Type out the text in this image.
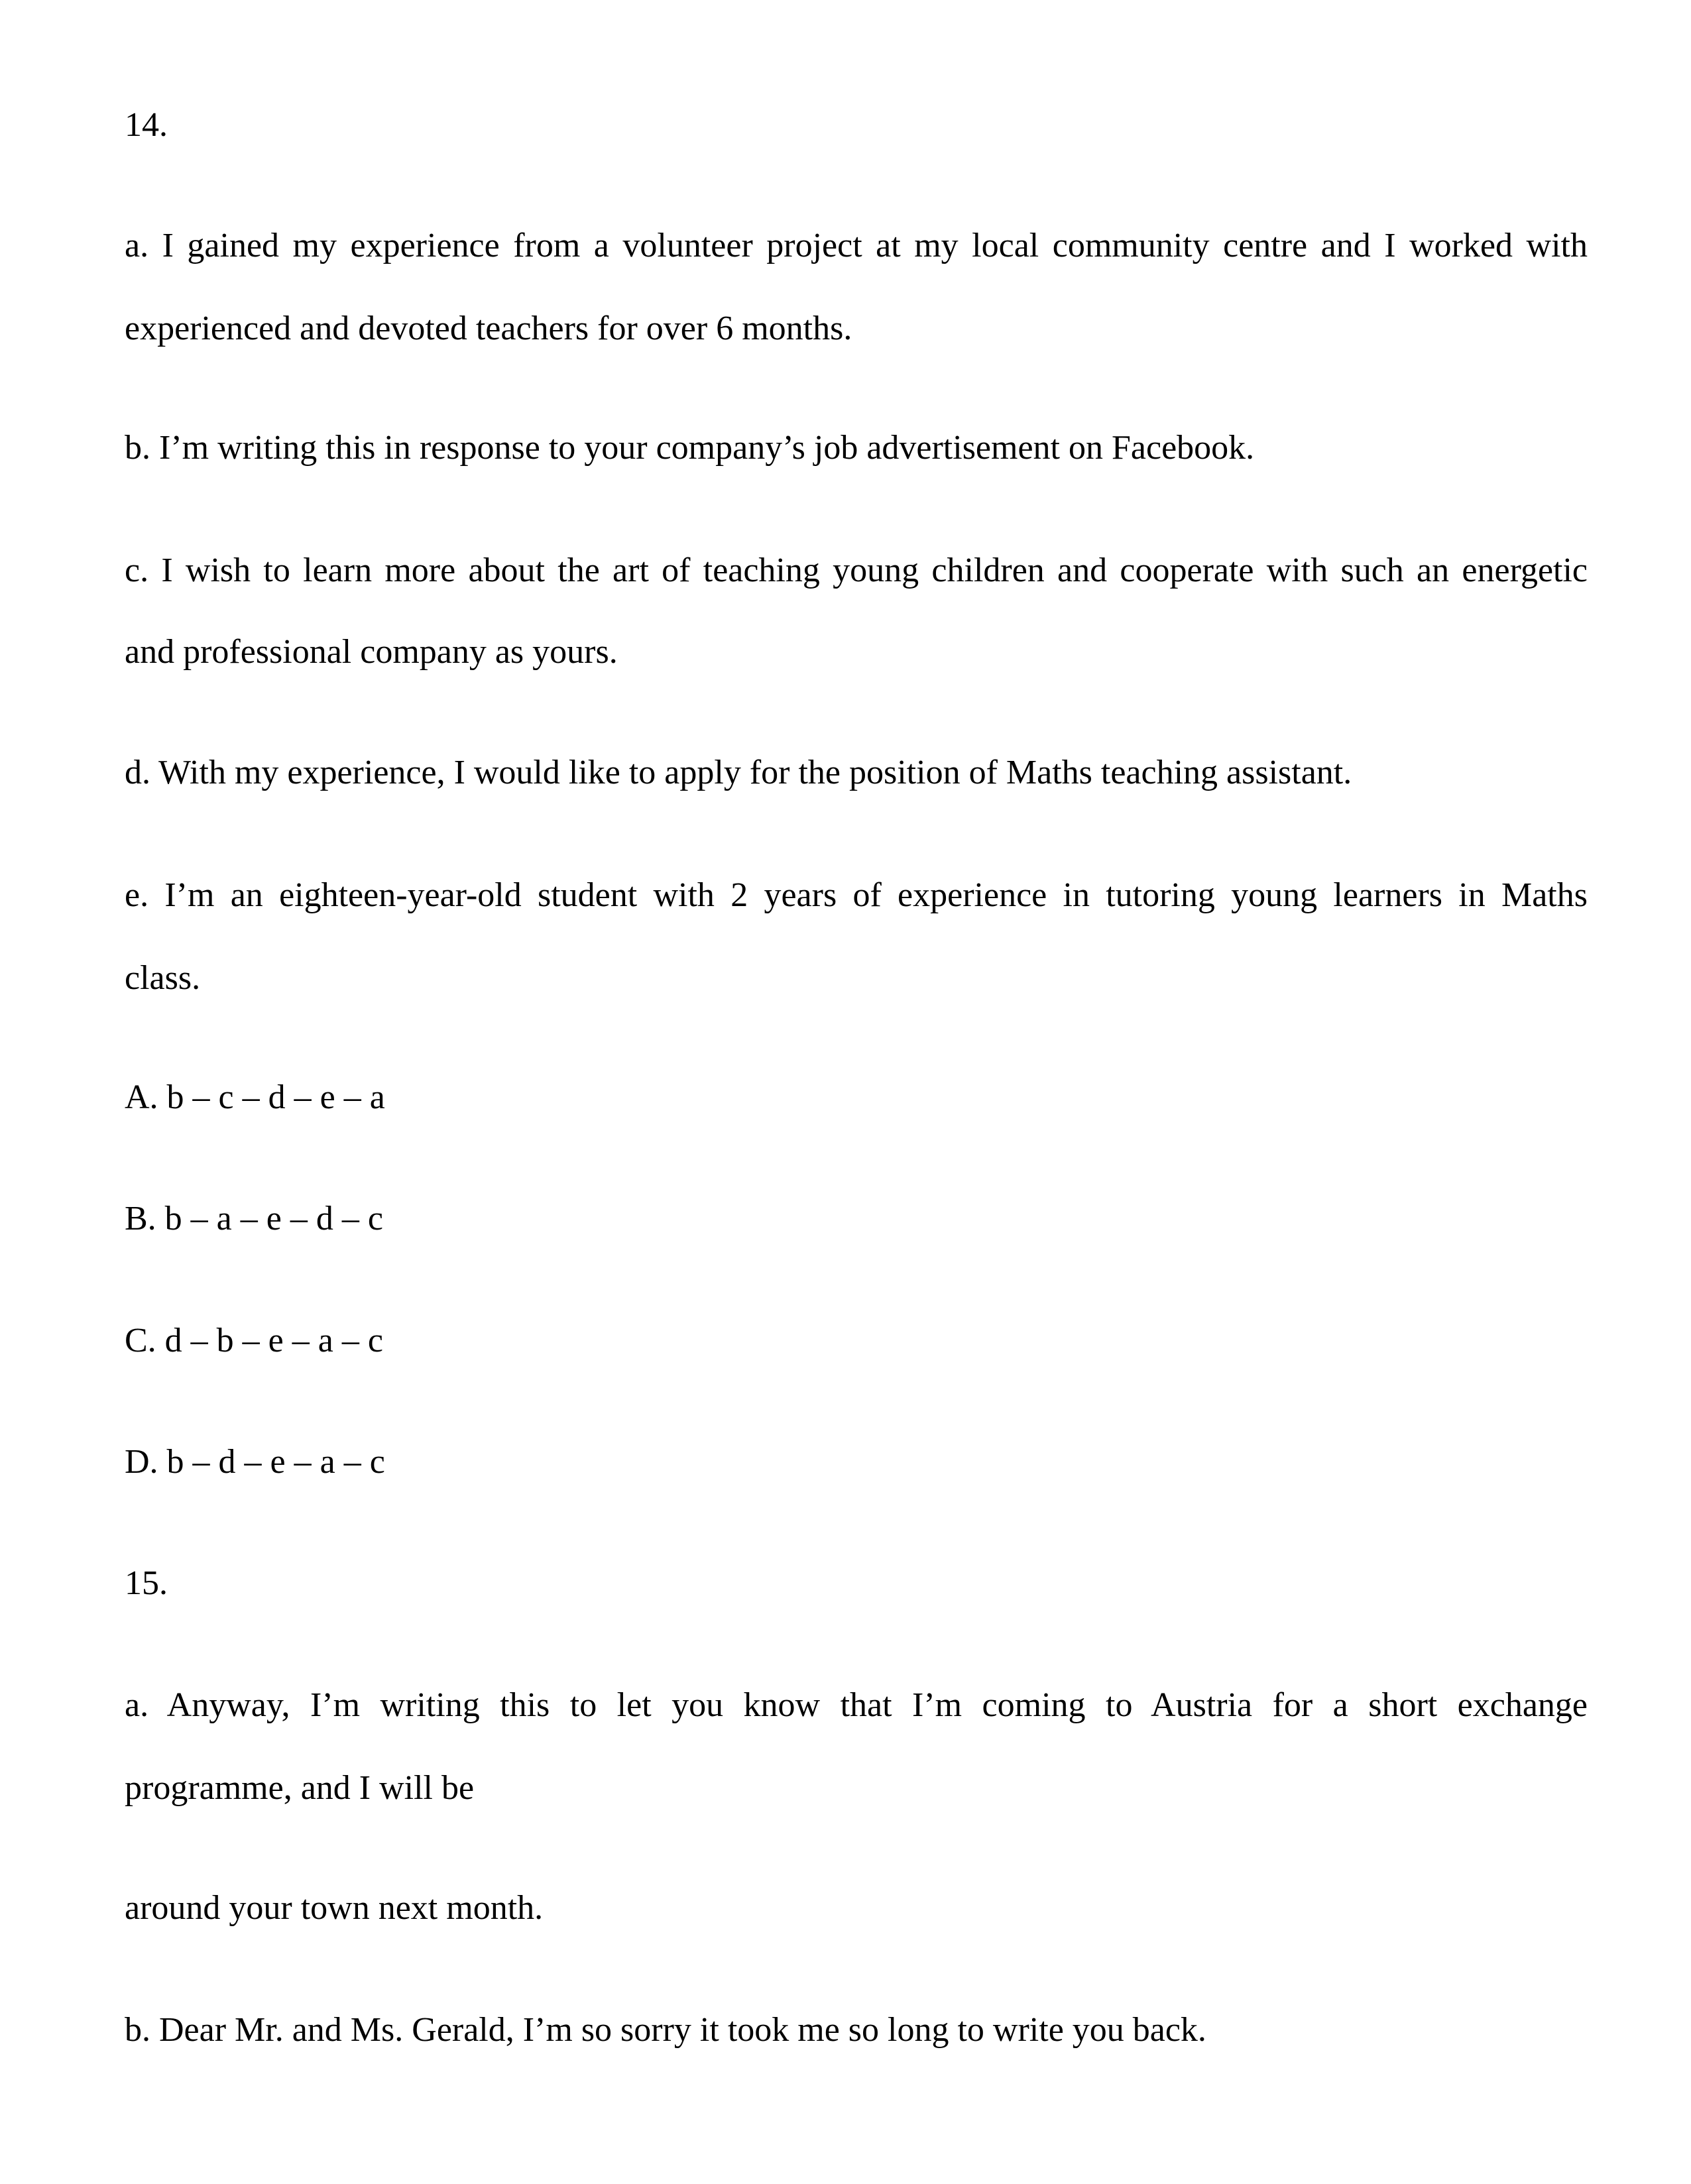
14.
a. I gained my experience from a volunteer project at my local community centre and I worked with
experienced and devoted teachers for over 6 months.
b. I’m writing this in response to your company’s job advertisement on Facebook.
c. I wish to learn more about the art of teaching young children and cooperate with such an energetic
and professional company as yours.
d. With my experience, I would like to apply for the position of Maths teaching assistant.
e. I’m an eighteen-year-old student with 2 years of experience in tutoring young learners in Maths
class.
A. b – c – d – e – a
B. b – a – e – d – c
C. d – b – e – a – c
D. b – d – e – a – c
15.
a. Anyway, I’m writing this to let you know that I’m coming to Austria for a short exchange
programme, and I will be
around your town next month.
b. Dear Mr. and Ms. Gerald, I’m so sorry it took me so long to write you back.
